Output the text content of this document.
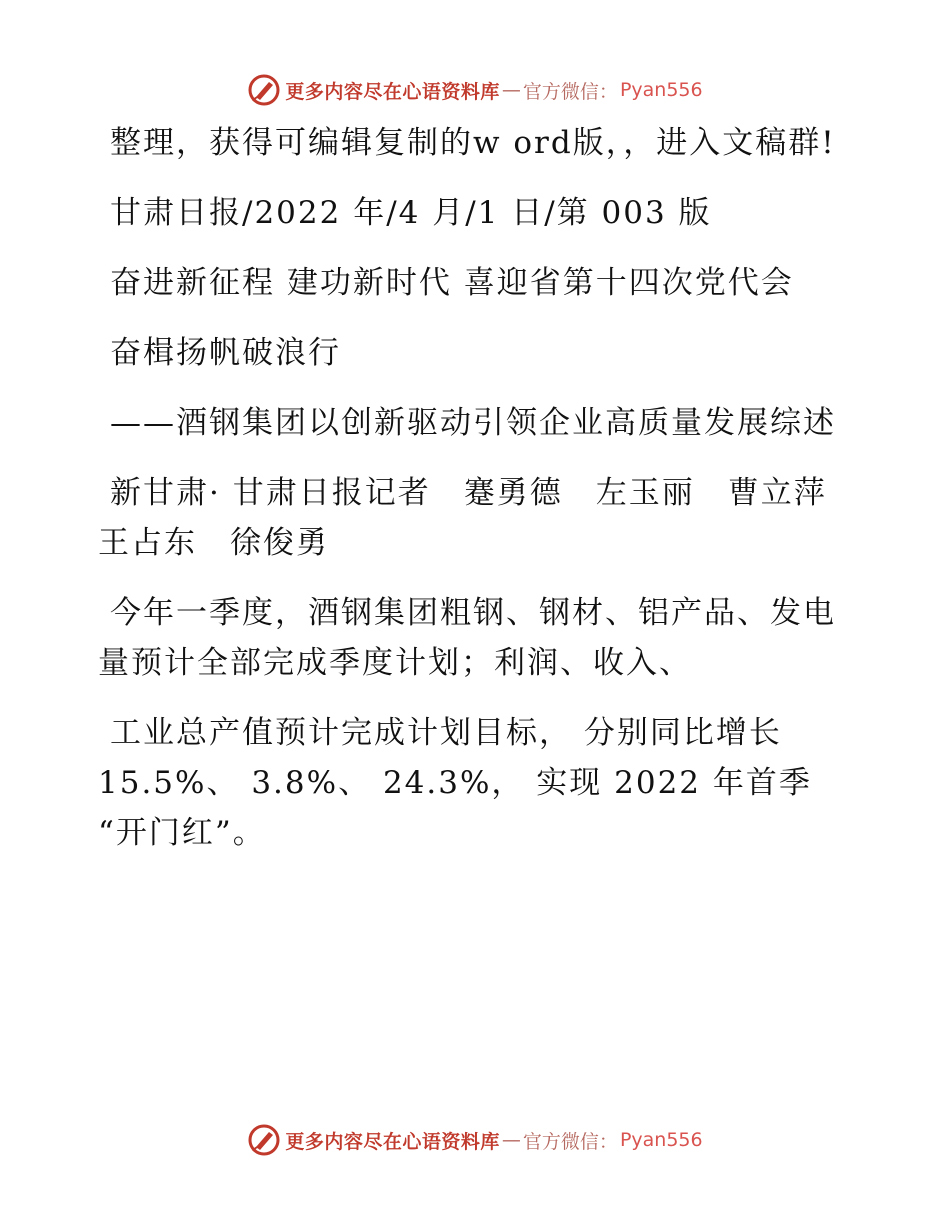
更多内容尽在心语资料库 — 官方微信： Pyan556

整理，获得可编辑复制的w ord版，，进入文稿群!

甘肃日报/2022 年/4 月/1 日/第 003 版

奋进新征程 建功新时代 喜迎省第十四次党代会

奋楫扬帆破浪行

——酒钢集团以创新驱动引领企业高质量发展综述

新甘肃· 甘肃日报记者　蹇勇德　左玉丽　曹立萍　王占东　徐俊勇

今年一季度，酒钢集团粗钢、钢材、铝产品、发电量预计全部完成季度计划；利润、收入、

工业总产值预计完成计划目标， 分别同比增长 15.5%、 3.8%、 24.3%， 实现 2022 年首季 “开门红”。

更多内容尽在心语资料库 — 官方微信： Pyan556
